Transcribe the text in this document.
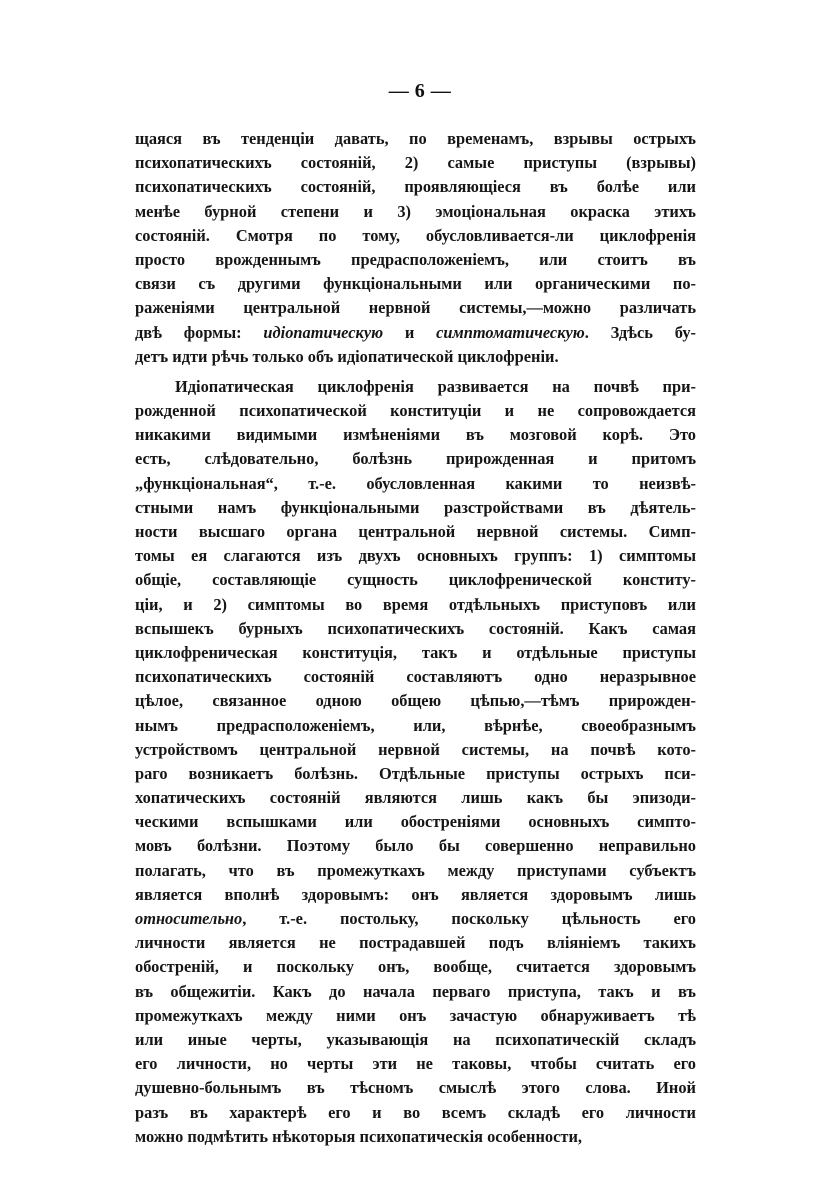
— 6 —
щаяся въ тенденціи давать, по временамъ, взрывы острыхъ
психопатическихъ состояній, 2) самые приступы (взрывы)
психопатическихъ состояній, проявляющіеся въ болѣе или
менѣе бурной степени и 3) эмоціональная окраска этихъ
состояній. Смотря по тому, обусловливается-ли циклофренія
просто врожденнымъ предрасположеніемъ, или стоитъ въ
связи съ другими функціональными или органическими по-
раженіями центральной нервной системы,—можно различать
двѣ формы: идіопатическую и симптоматическую. Здѣсь бу-
детъ идти рѣчь только объ идіопатической циклофреніи.
Идіопатическая циклофренія развивается на почвѣ при-
рожденной психопатической конституціи и не сопровождается
никакими видимыми измѣненіями въ мозговой корѣ. Это
есть, слѣдовательно, болѣзнь прирожденная и притомъ
„функціональная“, т.-е. обусловленная какими то неизвѣ-
стными намъ функціональными разстройствами въ дѣятель-
ности высшаго органа центральной нервной системы. Симп-
томы ея слагаются изъ двухъ основныхъ группъ: 1) симптомы
общіе, составляющіе сущность циклофренической конститу-
ціи, и 2) симптомы во время отдѣльныхъ приступовъ или
вспышекъ бурныхъ психопатическихъ состояній. Какъ самая
циклофреническая конституція, такъ и отдѣльные приступы
психопатическихъ состояній составляютъ одно неразрывное
цѣлое, связанное одною общею цѣпью,—тѣмъ прирожден-
нымъ предрасположеніемъ, или, вѣрнѣе, своеобразнымъ
устройствомъ центральной нервной системы, на почвѣ кото-
раго возникаетъ болѣзнь. Отдѣльные приступы острыхъ пси-
хопатическихъ состояній являются лишь какъ бы эпизоди-
ческими вспышками или обостреніями основныхъ симпто-
мовъ болѣзни. Поэтому было бы совершенно неправильно
полагать, что въ промежуткахъ между приступами субъектъ
является вполнѣ здоровымъ: онъ является здоровымъ лишь
относительно, т.-е. постольку, поскольку цѣльность его
личности является не пострадавшей подъ вліяніемъ такихъ
обостреній, и поскольку онъ, вообще, считается здоровымъ
въ общежитіи. Какъ до начала перваго приступа, такъ и въ
промежуткахъ между ними онъ зачастую обнаруживаетъ тѣ
или иные черты, указывающія на психопатическій складъ
его личности, но черты эти не таковы, чтобы считать его
душевно-больнымъ въ тѣсномъ смыслѣ этого слова. Иной
разъ въ характерѣ его и во всемъ складѣ его личности
можно подмѣтить нѣкоторыя психопатическія особенности,
